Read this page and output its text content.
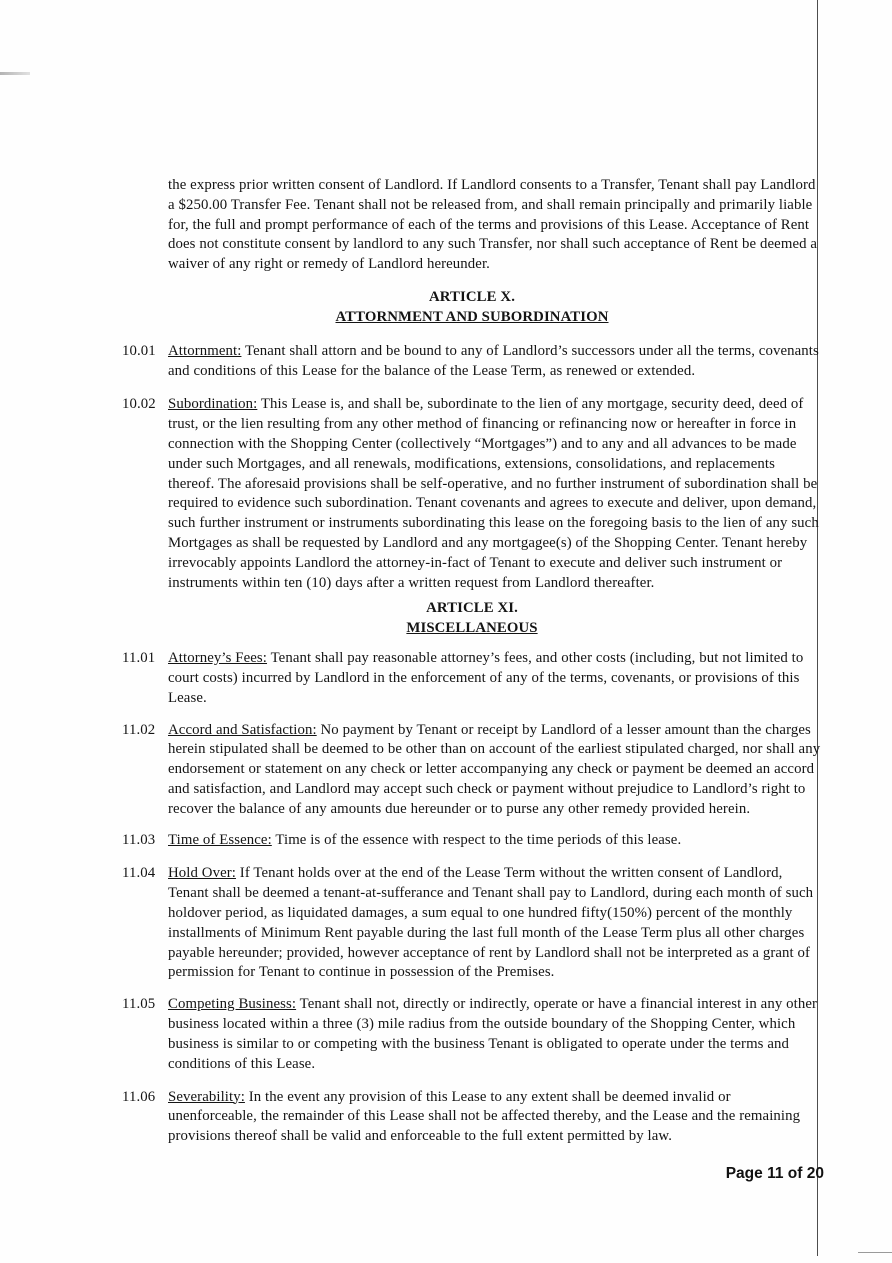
the express prior written consent of Landlord. If Landlord consents to a Transfer, Tenant shall pay Landlord a $250.00 Transfer Fee. Tenant shall not be released from, and shall remain principally and primarily liable for, the full and prompt performance of each of the terms and provisions of this Lease. Acceptance of Rent does not constitute consent by landlord to any such Transfer, nor shall such acceptance of Rent be deemed a waiver of any right or remedy of Landlord hereunder.

ARTICLE X.
ATTORNMENT AND SUBORDINATION
10.01 Attornment: Tenant shall attorn and be bound to any of Landlord’s successors under all the terms, covenants and conditions of this Lease for the balance of the Lease Term, as renewed or extended.
10.02 Subordination: This Lease is, and shall be, subordinate to the lien of any mortgage, security deed, deed of trust, or the lien resulting from any other method of financing or refinancing now or hereafter in force in connection with the Shopping Center (collectively “Mortgages”) and to any and all advances to be made under such Mortgages, and all renewals, modifications, extensions, consolidations, and replacements thereof. The aforesaid provisions shall be self-operative, and no further instrument of subordination shall be required to evidence such subordination. Tenant covenants and agrees to execute and deliver, upon demand, such further instrument or instruments subordinating this lease on the foregoing basis to the lien of any such Mortgages as shall be requested by Landlord and any mortgagee(s) of the Shopping Center. Tenant hereby irrevocably appoints Landlord the attorney-in-fact of Tenant to execute and deliver such instrument or instruments within ten (10) days after a written request from Landlord thereafter.
ARTICLE XI.
MISCELLANEOUS
11.01 Attorney’s Fees: Tenant shall pay reasonable attorney’s fees, and other costs (including, but not limited to court costs) incurred by Landlord in the enforcement of any of the terms, covenants, or provisions of this Lease.
11.02 Accord and Satisfaction: No payment by Tenant or receipt by Landlord of a lesser amount than the charges herein stipulated shall be deemed to be other than on account of the earliest stipulated charged, nor shall any endorsement or statement on any check or letter accompanying any check or payment be deemed an accord and satisfaction, and Landlord may accept such check or payment without prejudice to Landlord’s right to recover the balance of any amounts due hereunder or to purse any other remedy provided herein.
11.03 Time of Essence: Time is of the essence with respect to the time periods of this lease.
11.04 Hold Over: If Tenant holds over at the end of the Lease Term without the written consent of Landlord, Tenant shall be deemed a tenant-at-sufferance and Tenant shall pay to Landlord, during each month of such holdover period, as liquidated damages, a sum equal to one hundred fifty(150%) percent of the monthly installments of Minimum Rent payable during the last full month of the Lease Term plus all other charges payable hereunder; provided, however acceptance of rent by Landlord shall not be interpreted as a grant of permission for Tenant to continue in possession of the Premises.
11.05 Competing Business: Tenant shall not, directly or indirectly, operate or have a financial interest in any other business located within a three (3) mile radius from the outside boundary of the Shopping Center, which business is similar to or competing with the business Tenant is obligated to operate under the terms and conditions of this Lease.
11.06 Severability: In the event any provision of this Lease to any extent shall be deemed invalid or unenforceable, the remainder of this Lease shall not be affected thereby, and the Lease and the remaining provisions thereof shall be valid and enforceable to the full extent permitted by law.
Page 11 of 20
